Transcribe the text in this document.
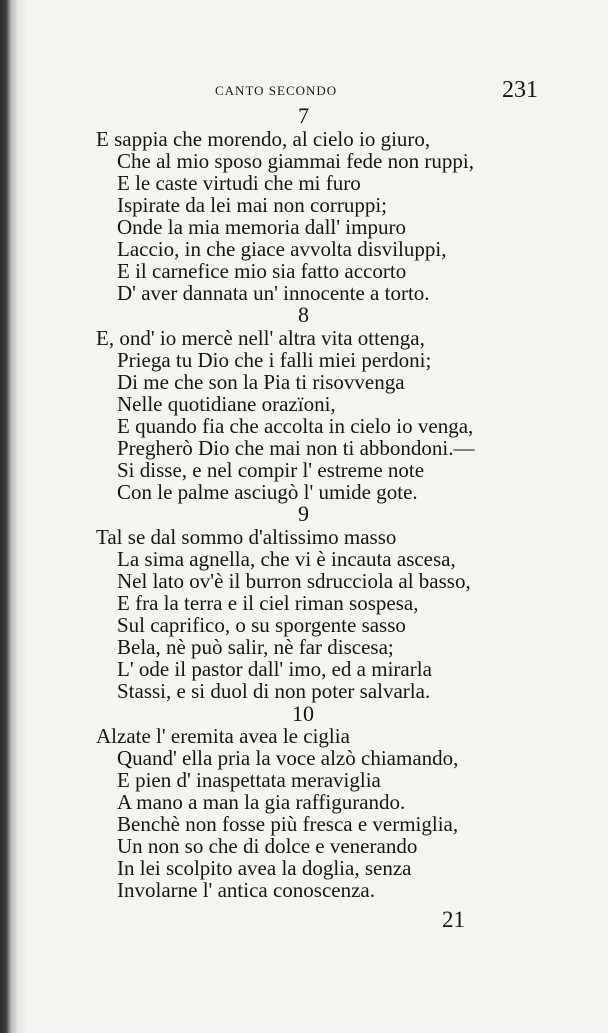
CANTO SECONDO	231
7
E sappia che morendo, al cielo io giuro,
Che al mio sposo giammai fede non ruppi,
E le caste virtudi che mi furo
Ispirate da lei mai non corruppi;
Onde la mia memoria dall' impuro
Laccio, in che giace avvolta disviluppi,
E il carnefice mio sia fatto accorto
D' aver dannata un' innocente a torto.
8
E, ond' io mercè nell' altra vita ottenga,
Priega tu Dio che i falli miei perdoni;
Di me che son la Pia ti risovvenga
Nelle quotidiane orazïoni,
E quando fia che accolta in cielo io venga,
Pregherò Dio che mai non ti abbondoni.—
Si disse, e nel compir l' estreme note
Con le palme asciugò l' umide gote.
9
Tal se dal sommo d'altissimo masso
La sima agnella, che vi è incauta ascesa,
Nel lato ov'è il burron sdrucciola al basso,
E fra la terra e il ciel riman sospesa,
Sul caprifico, o su sporgente sasso
Bela, nè può salir, nè far discesa;
L' ode il pastor dall' imo, ed a mirarla
Stassi, e si duol di non poter salvarla.
10
Alzate l' eremita avea le ciglia
Quand' ella pria la voce alzò chiamando,
E pien d' inaspettata meraviglia
A mano a man la gia raffigurando.
Benchè non fosse più fresca e vermiglia,
Un non so che di dolce e venerando
In lei scolpito avea la doglia, senza
Involarne l' antica conoscenza.
21
